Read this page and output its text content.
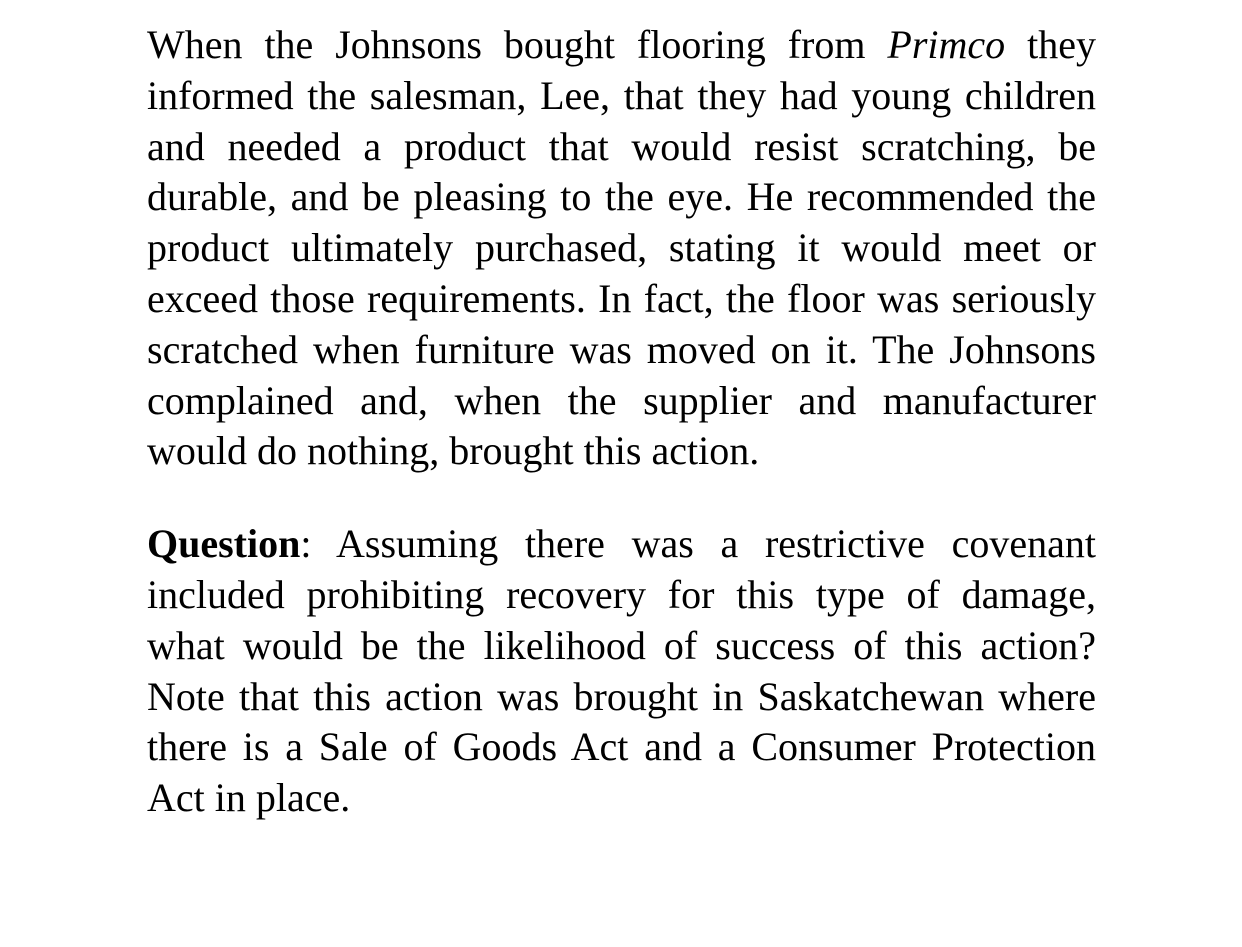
When the Johnsons bought flooring from Primco they informed the salesman, Lee, that they had young children and needed a product that would resist scratching, be durable, and be pleasing to the eye. He recommended the product ultimately purchased, stating it would meet or exceed those requirements. In fact, the floor was seriously scratched when furniture was moved on it. The Johnsons complained and, when the supplier and manufacturer would do nothing, brought this action.

Question: Assuming there was a restrictive covenant included prohibiting recovery for this type of damage, what would be the likelihood of success of this action? Note that this action was brought in Saskatchewan where there is a Sale of Goods Act and a Consumer Protection Act in place.
